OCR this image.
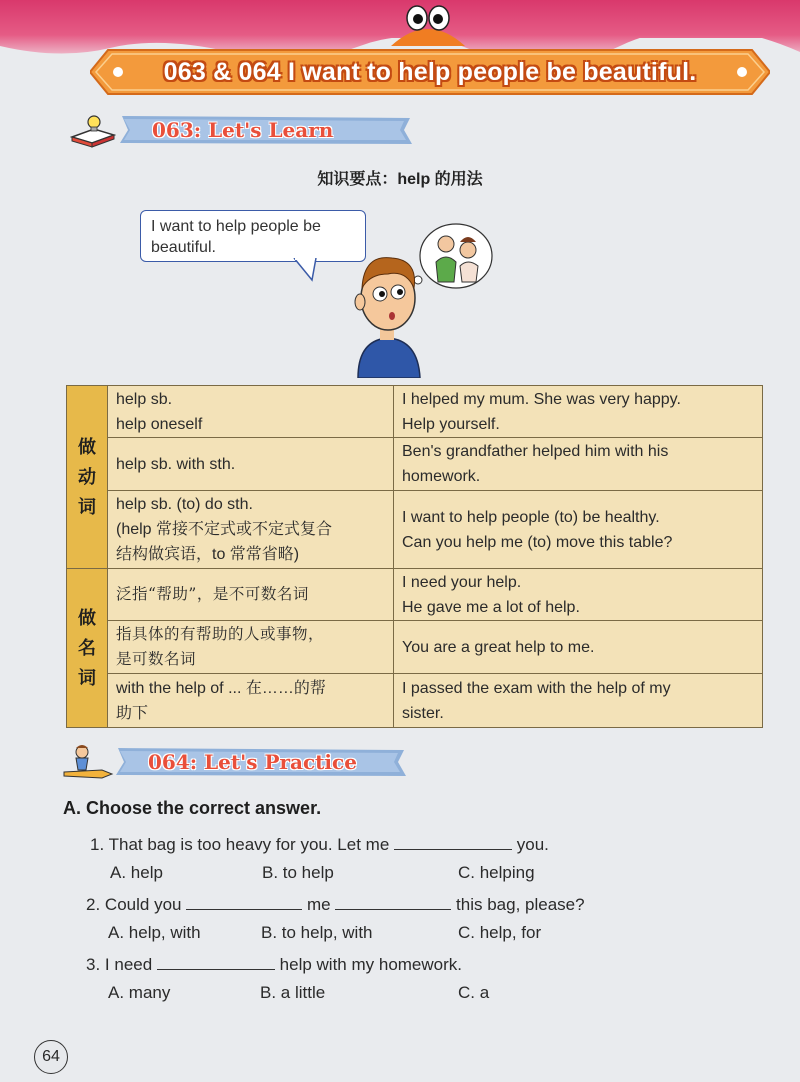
063 & 064 I want to help people be beautiful.
063: Let's Learn
知识要点：help 的用法
I want to help people be
beautiful.
做动词	help sb.
help oneself	I helped my mum. She was very happy.
Help yourself.

	help sb. with sth.	Ben's grandfather helped him with his
homework.

	help sb. (to) do sth.
(help 常接不定式或不定式复合
结构做宾语，to 常常省略)	I want to help people (to) be healthy.
Can you help me (to) move this table?

做名词	泛指“帮助”，是不可数名词	I need your help.
He gave me a lot of help.

	指具体的有帮助的人或事物，
是可数名词	You are a great help to me.

	with the help of ... 在……的帮
助下	I passed the exam with the help of my
sister.
064: Let's Practice
A. Choose the correct answer.
1. That bag is too heavy for you. Let me	you.
A. help	B. to help	C. helping
2. Could you	me	this bag, please?
A. help, with	B. to help, with	C. help, for
3. I need	help with my homework.
A. many	B. a little	C. a
64
